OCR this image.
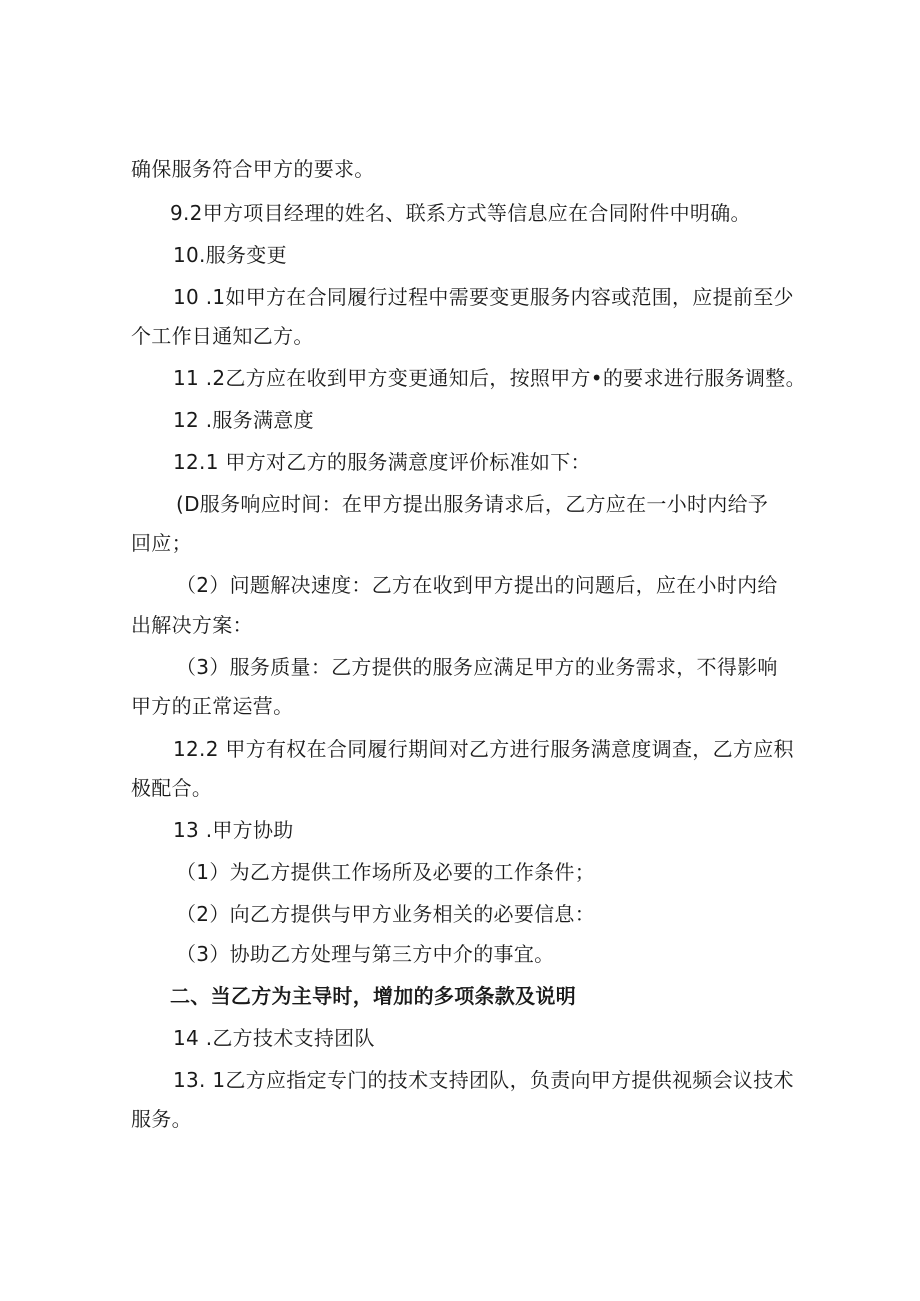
确保服务符合甲方的要求。
9.2甲方项目经理的姓名、联系方式等信息应在合同附件中明确。
10.服务变更
10 .1如甲方在合同履行过程中需要变更服务内容或范围，应提前至少
个工作日通知乙方。
11 .2乙方应在收到甲方变更通知后，按照甲方•的要求进行服务调整。
12 .服务满意度
12.1 甲方对乙方的服务满意度评价标准如下：
(D服务响应时间：在甲方提出服务请求后，乙方应在一小时内给予
回应；
（2）问题解决速度：乙方在收到甲方提出的问题后，应在小时内给
出解决方案：
（3）服务质量：乙方提供的服务应满足甲方的业务需求，不得影响
甲方的正常运营。
12.2 甲方有权在合同履行期间对乙方进行服务满意度调查，乙方应积
极配合。
13 .甲方协助
（1）为乙方提供工作场所及必要的工作条件；
（2）向乙方提供与甲方业务相关的必要信息：
（3）协助乙方处理与第三方中介的事宜。
二、当乙方为主导时，增加的多项条款及说明
14 .乙方技术支持团队
13. 1乙方应指定专门的技术支持团队，负责向甲方提供视频会议技术
服务。
